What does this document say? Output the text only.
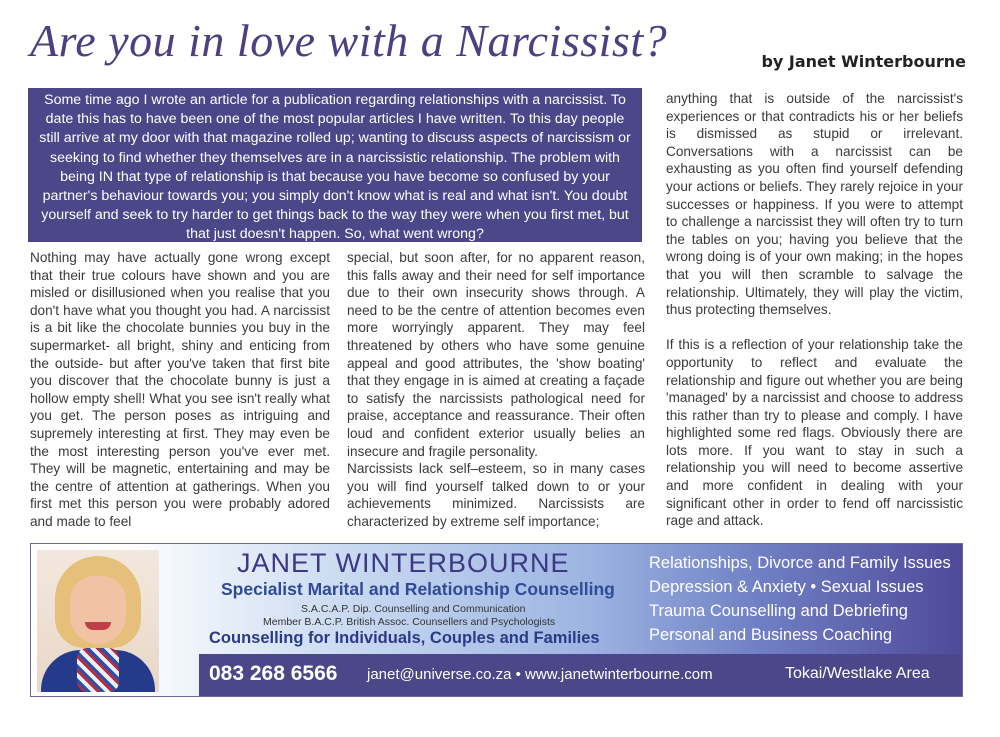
Are you in love with a Narcissist?	by Janet Winterbourne
Some time ago I wrote an article for a publication regarding relationships with a narcissist. To date this has to have been one of the most popular articles I have written. To this day people still arrive at my door with that magazine rolled up; wanting to discuss aspects of narcissism or seeking to find whether they themselves are in a narcissistic relationship. The problem with being IN that type of relationship is that because you have become so confused by your partner's behaviour towards you; you simply don't know what is real and what isn't. You doubt yourself and seek to try harder to get things back to the way they were when you first met, but that just doesn't happen. So, what went wrong?

Nothing may have actually gone wrong except that their true colours have shown and you are misled or disillusioned when you realise that you don't have what you thought you had. A narcissist is a bit like the chocolate bunnies you buy in the supermarket- all bright, shiny and enticing from the outside- but after you've taken that first bite you discover that the chocolate bunny is just a hollow empty shell! What you see isn't really what you get. The person poses as intriguing and supremely interesting at first. They may even be the most interesting person you've ever met. They will be magnetic, entertaining and may be the centre of attention at gatherings. When you first met this person you were probably adored and made to feel

special, but soon after, for no apparent reason, this falls away and their need for self importance due to their own insecurity shows through. A need to be the centre of attention becomes even more worryingly apparent. They may feel threatened by others who have some genuine appeal and good attributes, the 'show boating' that they engage in is aimed at creating a façade to satisfy the narcissists pathological need for praise, acceptance and reassurance. Their often loud and confident exterior usually belies an insecure and fragile personality.

Narcissists lack self–esteem, so in many cases you will find yourself talked down to or your achievements minimized. Narcissists are characterized by extreme self importance;

anything that is outside of the narcissist's experiences or that contradicts his or her beliefs is dismissed as stupid or irrelevant. Conversations with a narcissist can be exhausting as you often find yourself defending your actions or beliefs. They rarely rejoice in your successes or happiness. If you were to attempt to challenge a narcissist they will often try to turn the tables on you; having you believe that the wrong doing is of your own making; in the hopes that you will then scramble to salvage the relationship. Ultimately, they will play the victim, thus protecting themselves.

If this is a reflection of your relationship take the opportunity to reflect and evaluate the relationship and figure out whether you are being 'managed' by a narcissist and choose to address this rather than try to please and comply. I have highlighted some red flags. Obviously there are lots more. If you want to stay in such a relationship you will need to become assertive and more confident in dealing with your significant other in order to fend off narcissistic rage and attack.

JANET WINTERBOURNE
Specialist Marital and Relationship Counselling
S.A.C.A.P. Dip. Counselling and Communication
Member B.A.C.P. British Assoc. Counsellers and Psychologists
Counselling for Individuals, Couples and Families
Relationships, Divorce and Family Issues
Depression & Anxiety • Sexual Issues
Trauma Counselling and Debriefing
Personal and Business Coaching
083 268 6566 janet@universe.co.za • www.janetwinterbourne.com	Tokai/Westlake Area
